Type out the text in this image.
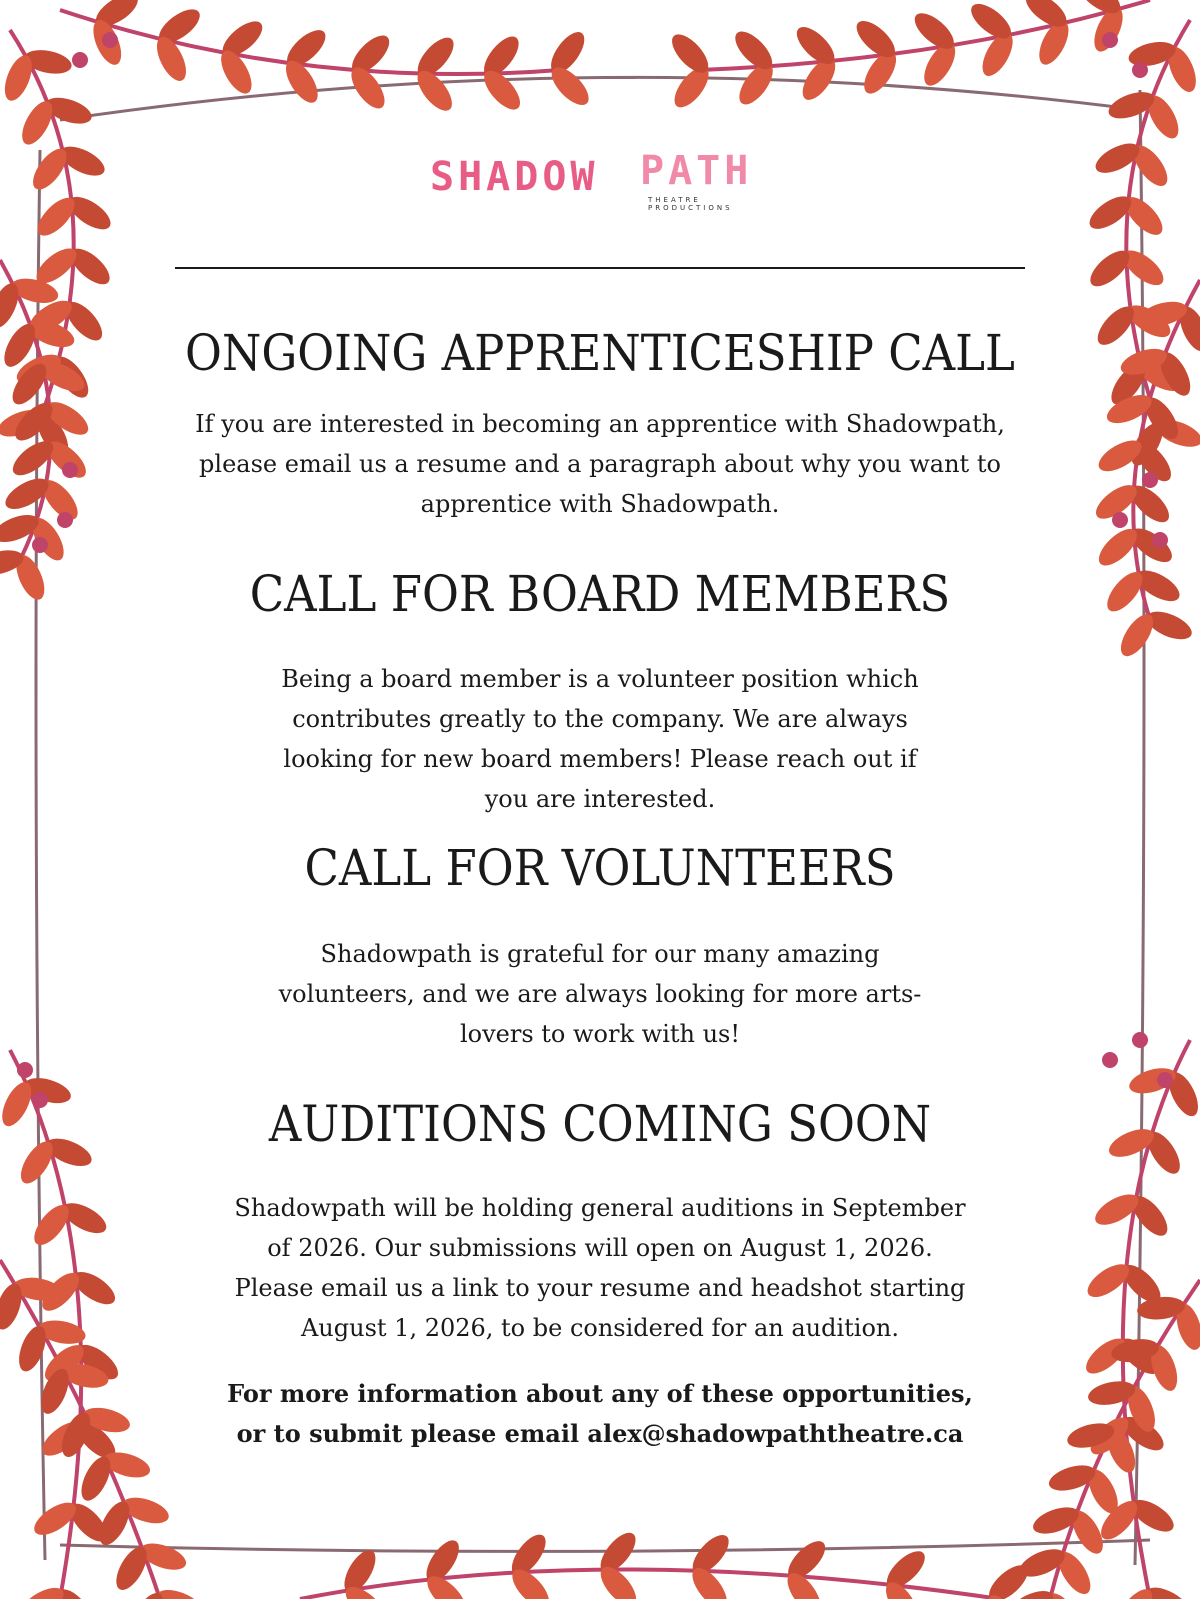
SHADOW PATH
THEATRE
PRODUCTIONS
ONGOING APPRENTICESHIP CALL

If you are interested in becoming an apprentice with Shadowpath, please email us a resume and a paragraph about why you want to apprentice with Shadowpath.

CALL FOR BOARD MEMBERS

Being a board member is a volunteer position which contributes greatly to the company. We are always looking for new board members! Please reach out if you are interested.

CALL FOR VOLUNTEERS

Shadowpath is grateful for our many amazing volunteers, and we are always looking for more arts-lovers to work with us!

AUDITIONS COMING SOON

Shadowpath will be holding general auditions in September of 2026. Our submissions will open on August 1, 2026. Please email us a link to your resume and headshot starting August 1, 2026, to be considered for an audition.

For more information about any of these opportunities,
or to submit please email alex@shadowpaththeatre.ca
